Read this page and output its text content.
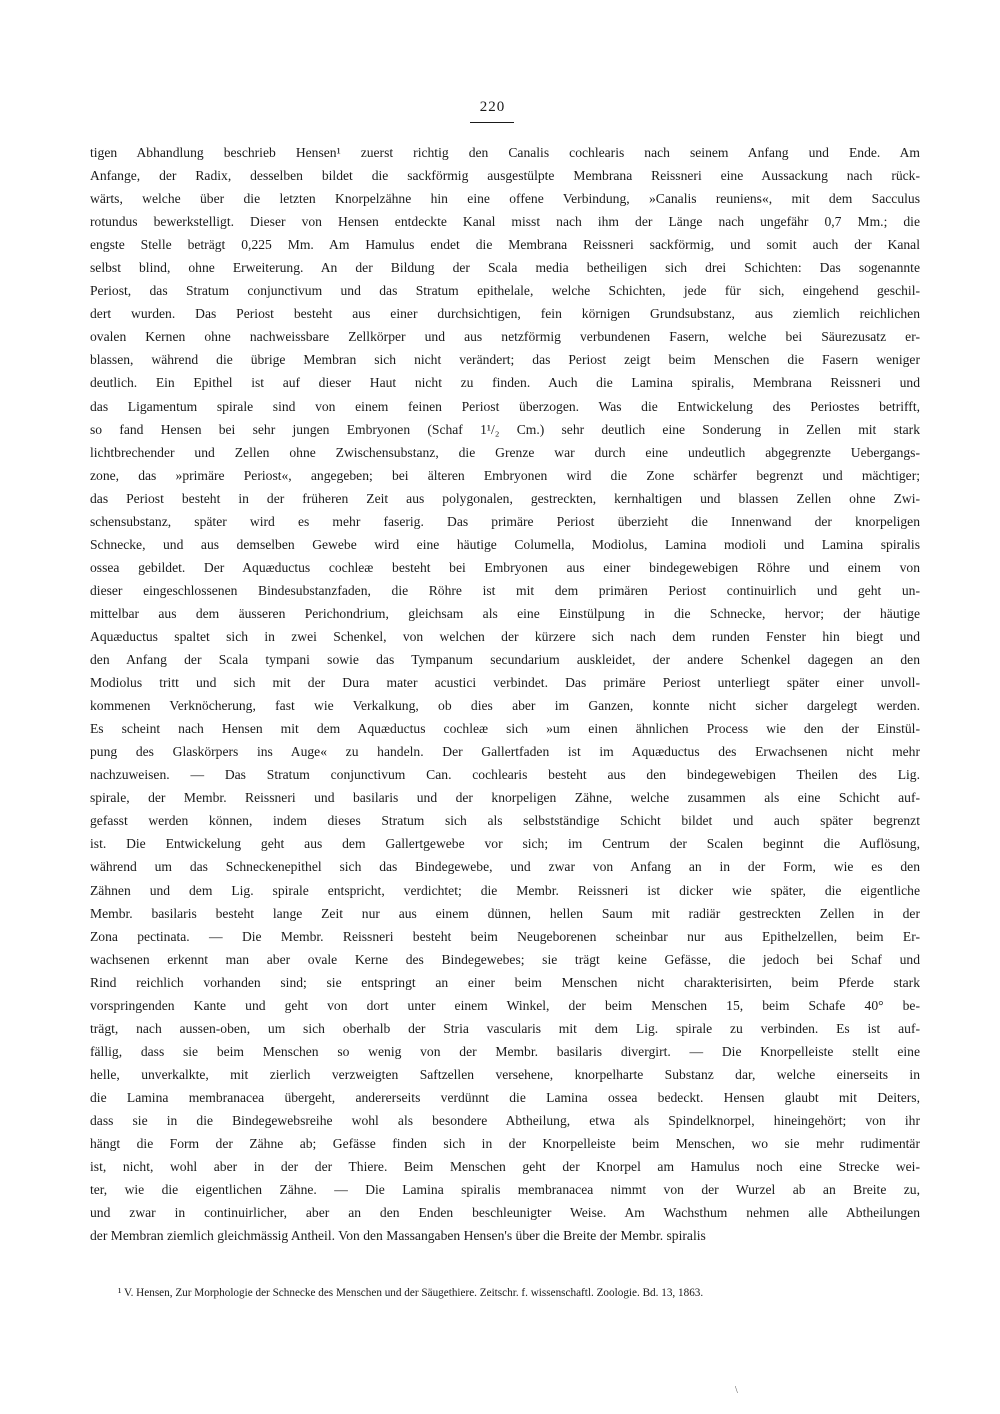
220
tigen Abhandlung beschrieb Hensen¹ zuerst richtig den Canalis cochlearis nach seinem Anfang und Ende. Am
Anfange, der Radix, desselben bildet die sackförmig ausgestülpte Membrana Reissneri eine Aussackung nach rück-
wärts, welche über die letzten Knorpelzähne hin eine offene Verbindung, »Canalis reuniens«, mit dem Sacculus
rotundus bewerkstelligt. Dieser von Hensen entdeckte Kanal misst nach ihm der Länge nach ungefähr 0,7 Mm.; die
engste Stelle beträgt 0,225 Mm. Am Hamulus endet die Membrana Reissneri sackförmig, und somit auch der Kanal
selbst blind, ohne Erweiterung. An der Bildung der Scala media betheiligen sich drei Schichten: Das sogenannte
Periost, das Stratum conjunctivum und das Stratum epithelale, welche Schichten, jede für sich, eingehend geschil-
dert wurden. Das Periost besteht aus einer durchsichtigen, fein körnigen Grundsubstanz, aus ziemlich reichlichen
ovalen Kernen ohne nachweissbare Zellkörper und aus netzförmig verbundenen Fasern, welche bei Säurezusatz er-
blassen, während die übrige Membran sich nicht verändert; das Periost zeigt beim Menschen die Fasern weniger
deutlich. Ein Epithel ist auf dieser Haut nicht zu finden. Auch die Lamina spiralis, Membrana Reissneri und
das Ligamentum spirale sind von einem feinen Periost überzogen. Was die Entwickelung des Periostes betrifft,
so fand Hensen bei sehr jungen Embryonen (Schaf 1¹/₂ Cm.) sehr deutlich eine Sonderung in Zellen mit stark
lichtbrechender und Zellen ohne Zwischensubstanz, die Grenze war durch eine undeutlich abgegrenzte Uebergangs-
zone, das »primäre Periost«, angegeben; bei älteren Embryonen wird die Zone schärfer begrenzt und mächtiger;
das Periost besteht in der früheren Zeit aus polygonalen, gestreckten, kernhaltigen und blassen Zellen ohne Zwi-
schensubstanz, später wird es mehr faserig. Das primäre Periost überzieht die Innenwand der knorpeligen
Schnecke, und aus demselben Gewebe wird eine häutige Columella, Modiolus, Lamina modioli und Lamina spiralis
ossea gebildet. Der Aquæductus cochleæ besteht bei Embryonen aus einer bindegewebigen Röhre und einem von
dieser eingeschlossenen Bindesubstanzfaden, die Röhre ist mit dem primären Periost continuirlich und geht un-
mittelbar aus dem äusseren Perichondrium, gleichsam als eine Einstülpung in die Schnecke, hervor; der häutige
Aquæductus spaltet sich in zwei Schenkel, von welchen der kürzere sich nach dem runden Fenster hin biegt und
den Anfang der Scala tympani sowie das Tympanum secundarium auskleidet, der andere Schenkel dagegen an den
Modiolus tritt und sich mit der Dura mater acustici verbindet. Das primäre Periost unterliegt später einer unvoll-
kommenen Verknöcherung, fast wie Verkalkung, ob dies aber im Ganzen, konnte nicht sicher dargelegt werden.
Es scheint nach Hensen mit dem Aquæductus cochleæ sich »um einen ähnlichen Process wie den der Einstül-
pung des Glaskörpers ins Auge« zu handeln. Der Gallertfaden ist im Aquæductus des Erwachsenen nicht mehr
nachzuweisen. — Das Stratum conjunctivum Can. cochlearis besteht aus den bindegewebigen Theilen des Lig.
spirale, der Membr. Reissneri und basilaris und der knorpeligen Zähne, welche zusammen als eine Schicht auf-
gefasst werden können, indem dieses Stratum sich als selbstständige Schicht bildet und auch später begrenzt
ist. Die Entwickelung geht aus dem Gallertgewebe vor sich; im Centrum der Scalen beginnt die Auflösung,
während um das Schneckenepithel sich das Bindegewebe, und zwar von Anfang an in der Form, wie es den
Zähnen und dem Lig. spirale entspricht, verdichtet; die Membr. Reissneri ist dicker wie später, die eigentliche
Membr. basilaris besteht lange Zeit nur aus einem dünnen, hellen Saum mit radiär gestreckten Zellen in der
Zona pectinata. — Die Membr. Reissneri besteht beim Neugeborenen scheinbar nur aus Epithelzellen, beim Er-
wachsenen erkennt man aber ovale Kerne des Bindegewebes; sie trägt keine Gefässe, die jedoch bei Schaf und
Rind reichlich vorhanden sind; sie entspringt an einer beim Menschen nicht charakterisirten, beim Pferde stark
vorspringenden Kante und geht von dort unter einem Winkel, der beim Menschen 15, beim Schafe 40° be-
trägt, nach aussen-oben, um sich oberhalb der Stria vascularis mit dem Lig. spirale zu verbinden. Es ist auf-
fällig, dass sie beim Menschen so wenig von der Membr. basilaris divergirt. — Die Knorpelleiste stellt eine
helle, unverkalkte, mit zierlich verzweigten Saftzellen versehene, knorpelharte Substanz dar, welche einerseits in
die Lamina membranacea übergeht, andererseits verdünnt die Lamina ossea bedeckt. Hensen glaubt mit Deiters,
dass sie in die Bindegewebsreihe wohl als besondere Abtheilung, etwa als Spindelknorpel, hineingehört; von ihr
hängt die Form der Zähne ab; Gefässe finden sich in der Knorpelleiste beim Menschen, wo sie mehr rudimentär
ist, nicht, wohl aber in der der Thiere. Beim Menschen geht der Knorpel am Hamulus noch eine Strecke wei-
ter, wie die eigentlichen Zähne. — Die Lamina spiralis membranacea nimmt von der Wurzel ab an Breite zu,
und zwar in continuirlicher, aber an den Enden beschleunigter Weise. Am Wachsthum nehmen alle Abtheilungen
der Membran ziemlich gleichmässig Antheil. Von den Massangaben Hensen's über die Breite der Membr. spiralis
¹ V. Hensen, Zur Morphologie der Schnecke des Menschen und der Säugethiere. Zeitschr. f. wissenschaftl. Zoologie. Bd. 13, 1863.
\
